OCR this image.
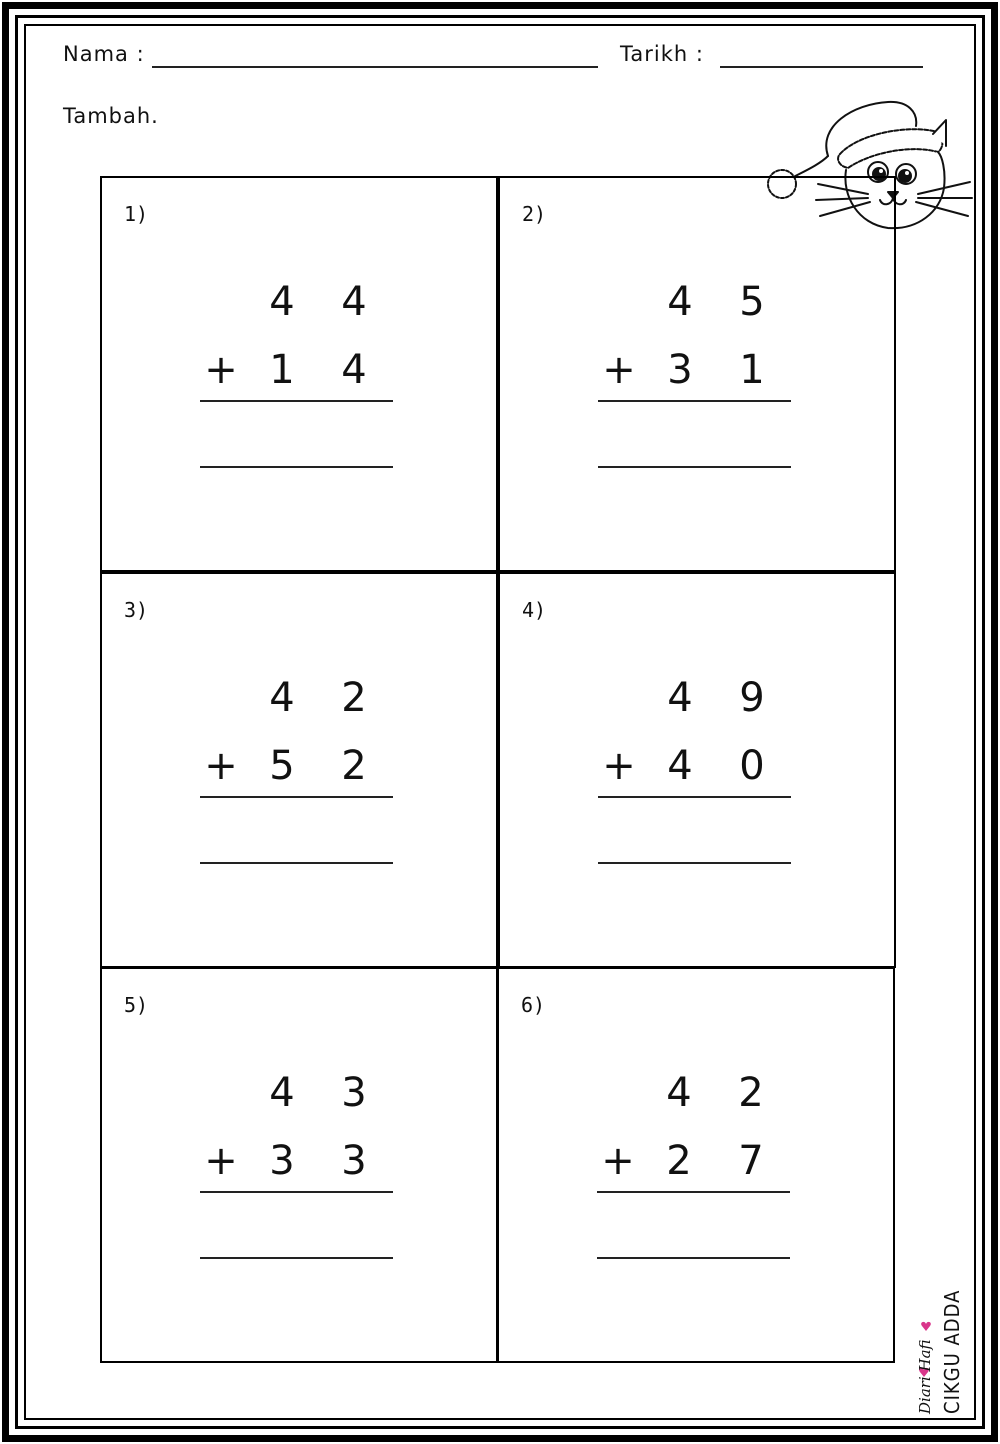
Nama :	Tarikh :
Tambah.
1)
4 4
+ 1 4
2)
4 5
+ 3 1
3)
4 2
+ 5 2
4)
4 9
+ 4 0
5)
4 3
+ 3 3
6)
4 2
+ 2 7
Diari Hafi CIKGU ADDA
